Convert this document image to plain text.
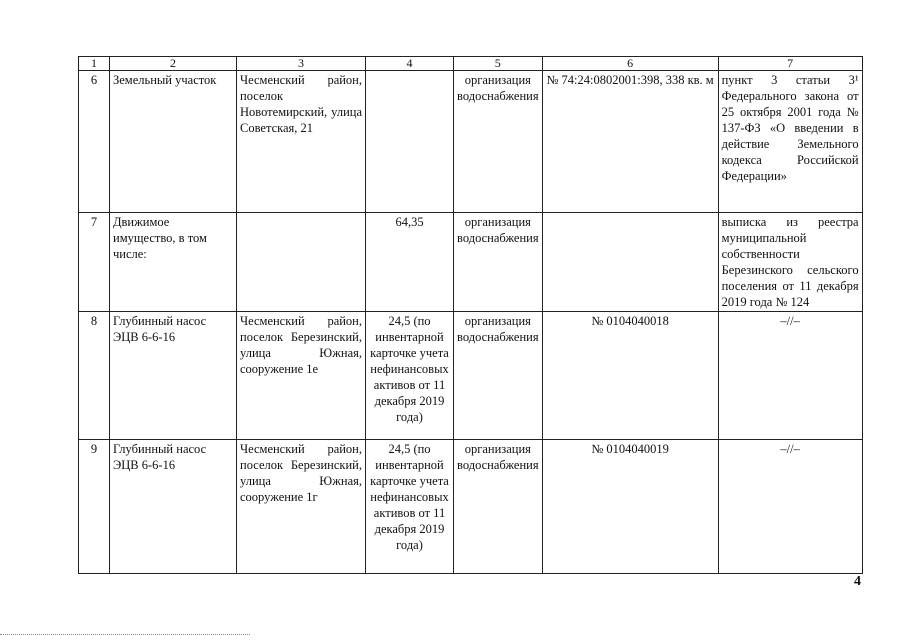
1	2	3	4	5	6	7
6	Земельный участок	Чесменский район, поселок Новотемирский, улица Советская, 21		организация водоснабжения	№ 74:24:0802001:398, 338 кв. м	пункт 3 статьи 3¹ Федерального закона от 25 октября 2001 года № 137-ФЗ «О введении в действие Земельного кодекса Российской Федерации»
7	Движимое имущество, в том числе:		64,35	организация водоснабжения		выписка из реестра муниципальной собственности Березинского сельского поселения от 11 декабря 2019 года № 124
8	Глубинный насос ЭЦВ 6-6-16	Чесменский район, поселок Березинский, улица Южная, сооружение 1е	24,5 (по инвентарной карточке учета нефинансовых активов от 11 декабря 2019 года)	организация водоснабжения	№ 0104040018	–//–
9	Глубинный насос ЭЦВ 6-6-16	Чесменский район, поселок Березинский, улица Южная, сооружение 1г	24,5 (по инвентарной карточке учета нефинансовых активов от 11 декабря 2019 года)	организация водоснабжения	№ 0104040019	–//–
4
